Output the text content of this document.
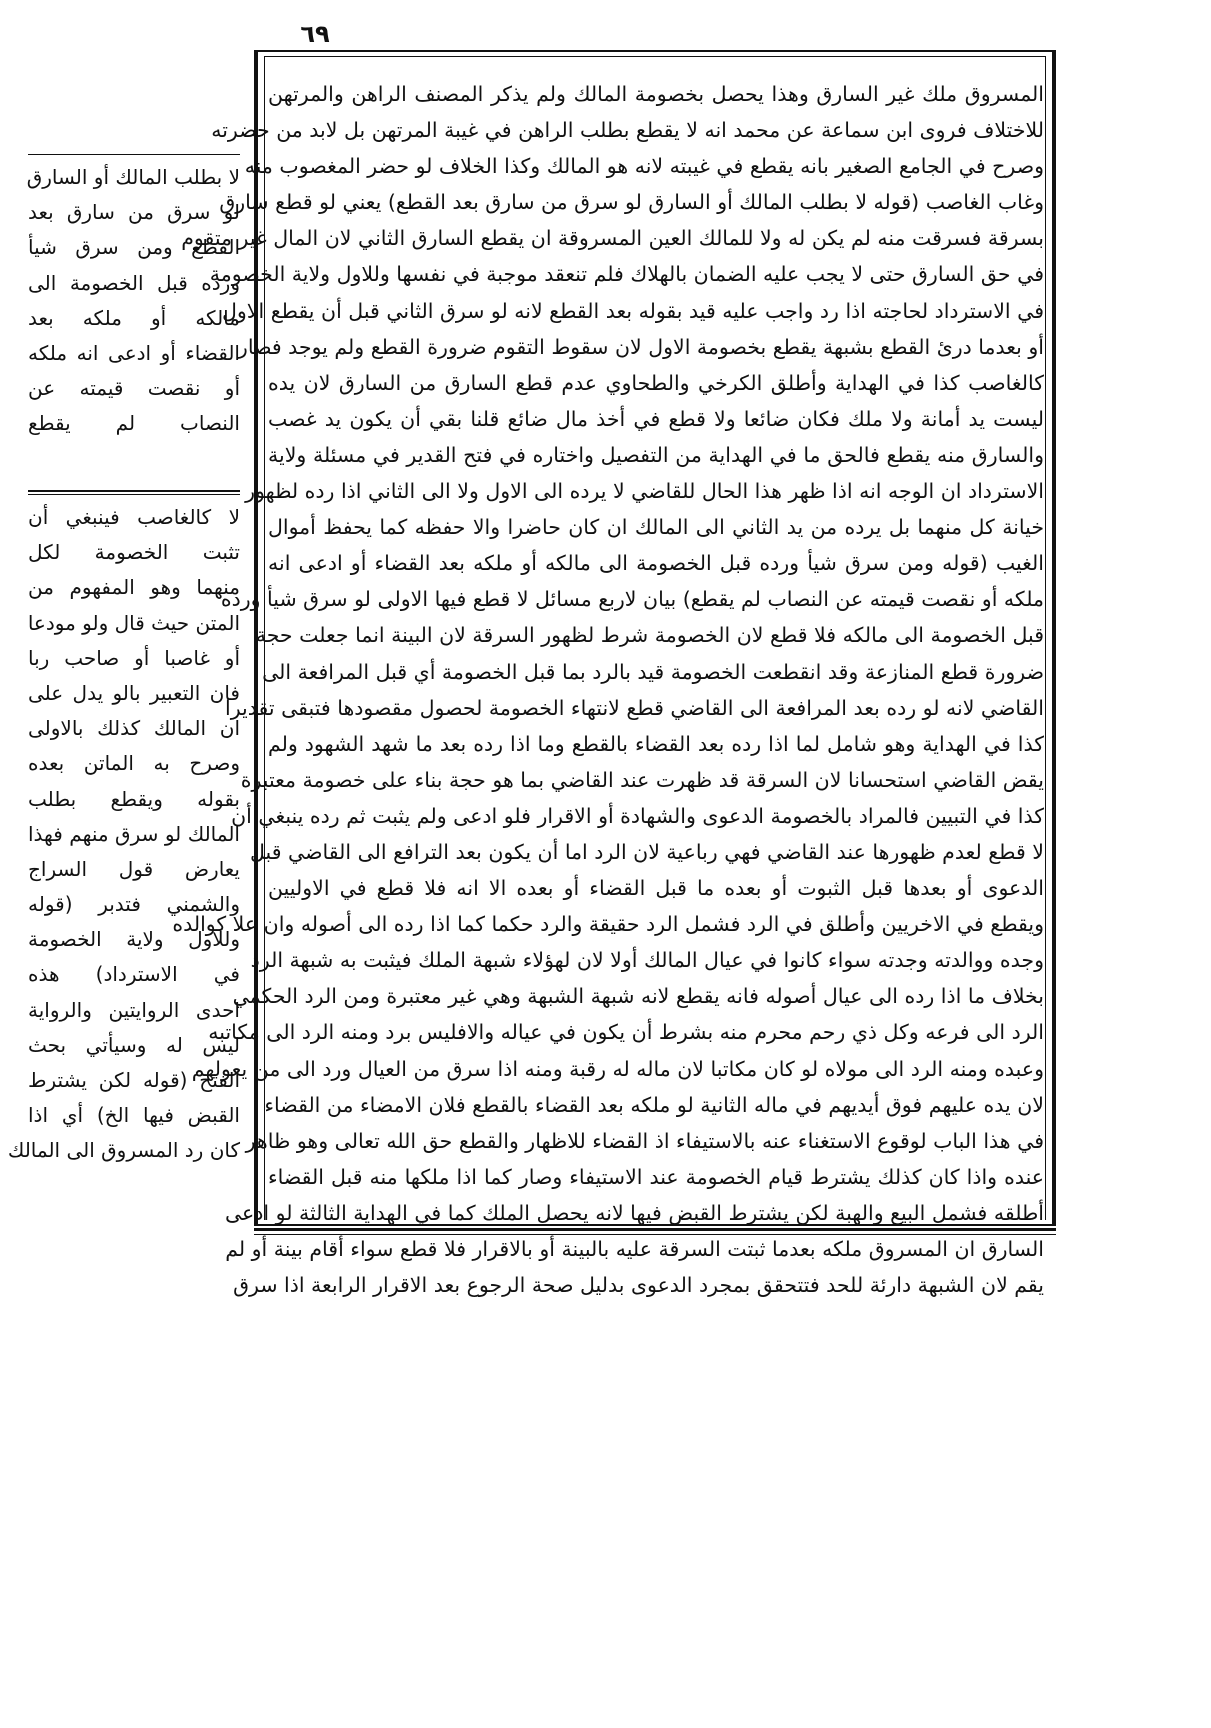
٦٩
لا بطلب المالك أو السارق
لو سرق من سارق بعد
القطع ومن سرق شيأ
ورده قبل الخصومة الى
مالكه أو ملكه بعد
القضاء أو ادعى انه ملكه
أو نقصت قيمته عن
النصاب لم يقطع
لا كالغاصب فينبغي أن
تثبت الخصومة لكل
منهما وهو المفهوم من
المتن حيث قال ولو مودعا
أو غاصبا أو صاحب ربا
فان التعبير بالو يدل على
ان المالك كذلك بالاولى
وصرح به الماتن بعده
بقوله ويقطع بطلب
المالك لو سرق منهم فهذا
يعارض قول السراج
والشمني فتدبر (قوله
وللاول ولاية الخصومة
في الاسترداد) هذه
احدى الروايتين والرواية
ليس له وسيأتي بحث
الفتح (قوله لكن يشترط
القبض فيها الخ) أي اذا
كان رد المسروق الى المالك
المسروق ملك غير السارق وهذا يحصل بخصومة المالك ولم يذكر المصنف الراهن والمرتهن
للاختلاف فروى ابن سماعة عن محمد انه لا يقطع بطلب الراهن في غيبة المرتهن بل لابد من حضرته
وصرح في الجامع الصغير بانه يقطع في غيبته لانه هو المالك وكذا الخلاف لو حضر المغصوب منه
وغاب الغاصب (قوله لا بطلب المالك أو السارق لو سرق من سارق بعد القطع) يعني لو قطع سارق
بسرقة فسرقت منه لم يكن له ولا للمالك العين المسروقة ان يقطع السارق الثاني لان المال غير متقوم
في حق السارق حتى لا يجب عليه الضمان بالهلاك فلم تنعقد موجبة في نفسها وللاول ولاية الخصومة
في الاسترداد لحاجته اذا رد واجب عليه قيد بقوله بعد القطع لانه لو سرق الثاني قبل أن يقطع الاول
أو بعدما درئ القطع بشبهة يقطع بخصومة الاول لان سقوط التقوم ضرورة القطع ولم يوجد فصار
كالغاصب كذا في الهداية وأطلق الكرخي والطحاوي عدم قطع السارق من السارق لان يده
ليست يد أمانة ولا ملك فكان ضائعا ولا قطع في أخذ مال ضائع قلنا بقي أن يكون يد غصب
والسارق منه يقطع فالحق ما في الهداية من التفصيل واختاره في فتح القدير في مسئلة ولاية
الاسترداد ان الوجه انه اذا ظهر هذا الحال للقاضي لا يرده الى الاول ولا الى الثاني اذا رده لظهور
خيانة كل منهما بل يرده من يد الثاني الى المالك ان كان حاضرا والا حفظه كما يحفظ أموال
الغيب (قوله ومن سرق شيأ ورده قبل الخصومة الى مالكه أو ملكه بعد القضاء أو ادعى انه
ملكه أو نقصت قيمته عن النصاب لم يقطع) بيان لاربع مسائل لا قطع فيها الاولى لو سرق شيأ ورده
قبل الخصومة الى مالكه فلا قطع لان الخصومة شرط لظهور السرقة لان البينة انما جعلت حجة
ضرورة قطع المنازعة وقد انقطعت الخصومة قيد بالرد بما قبل الخصومة أي قبل المرافعة الى
القاضي لانه لو رده بعد المرافعة الى القاضي قطع لانتهاء الخصومة لحصول مقصودها فتبقى تقديرا
كذا في الهداية وهو شامل لما اذا رده بعد القضاء بالقطع وما اذا رده بعد ما شهد الشهود ولم
يقض القاضي استحسانا لان السرقة قد ظهرت عند القاضي بما هو حجة بناء على خصومة معتبرة
كذا في التبيين فالمراد بالخصومة الدعوى والشهادة أو الاقرار فلو ادعى ولم يثبت ثم رده ينبغي أن
لا قطع لعدم ظهورها عند القاضي فهي رباعية لان الرد اما أن يكون بعد الترافع الى القاضي قبل
الدعوى أو بعدها قبل الثبوت أو بعده ما قبل القضاء أو بعده الا انه فلا قطع في الاوليين
ويقطع في الاخريين وأطلق في الرد فشمل الرد حقيقة والرد حكما كما اذا رده الى أصوله وان علا كوالده
وجده ووالدته وجدته سواء كانوا في عيال المالك أولا لان لهؤلاء شبهة الملك فيثبت به شبهة الرد
بخلاف ما اذا رده الى عيال أصوله فانه يقطع لانه شبهة الشبهة وهي غير معتبرة ومن الرد الحكمي
الرد الى فرعه وكل ذي رحم محرم منه بشرط أن يكون في عياله والافليس برد ومنه الرد الى مكاتبه
وعبده ومنه الرد الى مولاه لو كان مكاتبا لان ماله له رقبة ومنه اذا سرق من العيال ورد الى من يعولهم
لان يده عليهم فوق أيديهم في ماله الثانية لو ملكه بعد القضاء بالقطع فلان الامضاء من القضاء
في هذا الباب لوقوع الاستغناء عنه بالاستيفاء اذ القضاء للاظهار والقطع حق الله تعالى وهو ظاهر
عنده واذا كان كذلك يشترط قيام الخصومة عند الاستيفاء وصار كما اذا ملكها منه قبل القضاء
أطلقه فشمل البيع والهبة لكن يشترط القبض فيها لانه يحصل الملك كما في الهداية الثالثة لو ادعى
السارق ان المسروق ملكه بعدما ثبتت السرقة عليه بالبينة أو بالاقرار فلا قطع سواء أقام بينة أو لم
يقم لان الشبهة دارئة للحد فتتحقق بمجرد الدعوى بدليل صحة الرجوع بعد الاقرار الرابعة اذا سرق
